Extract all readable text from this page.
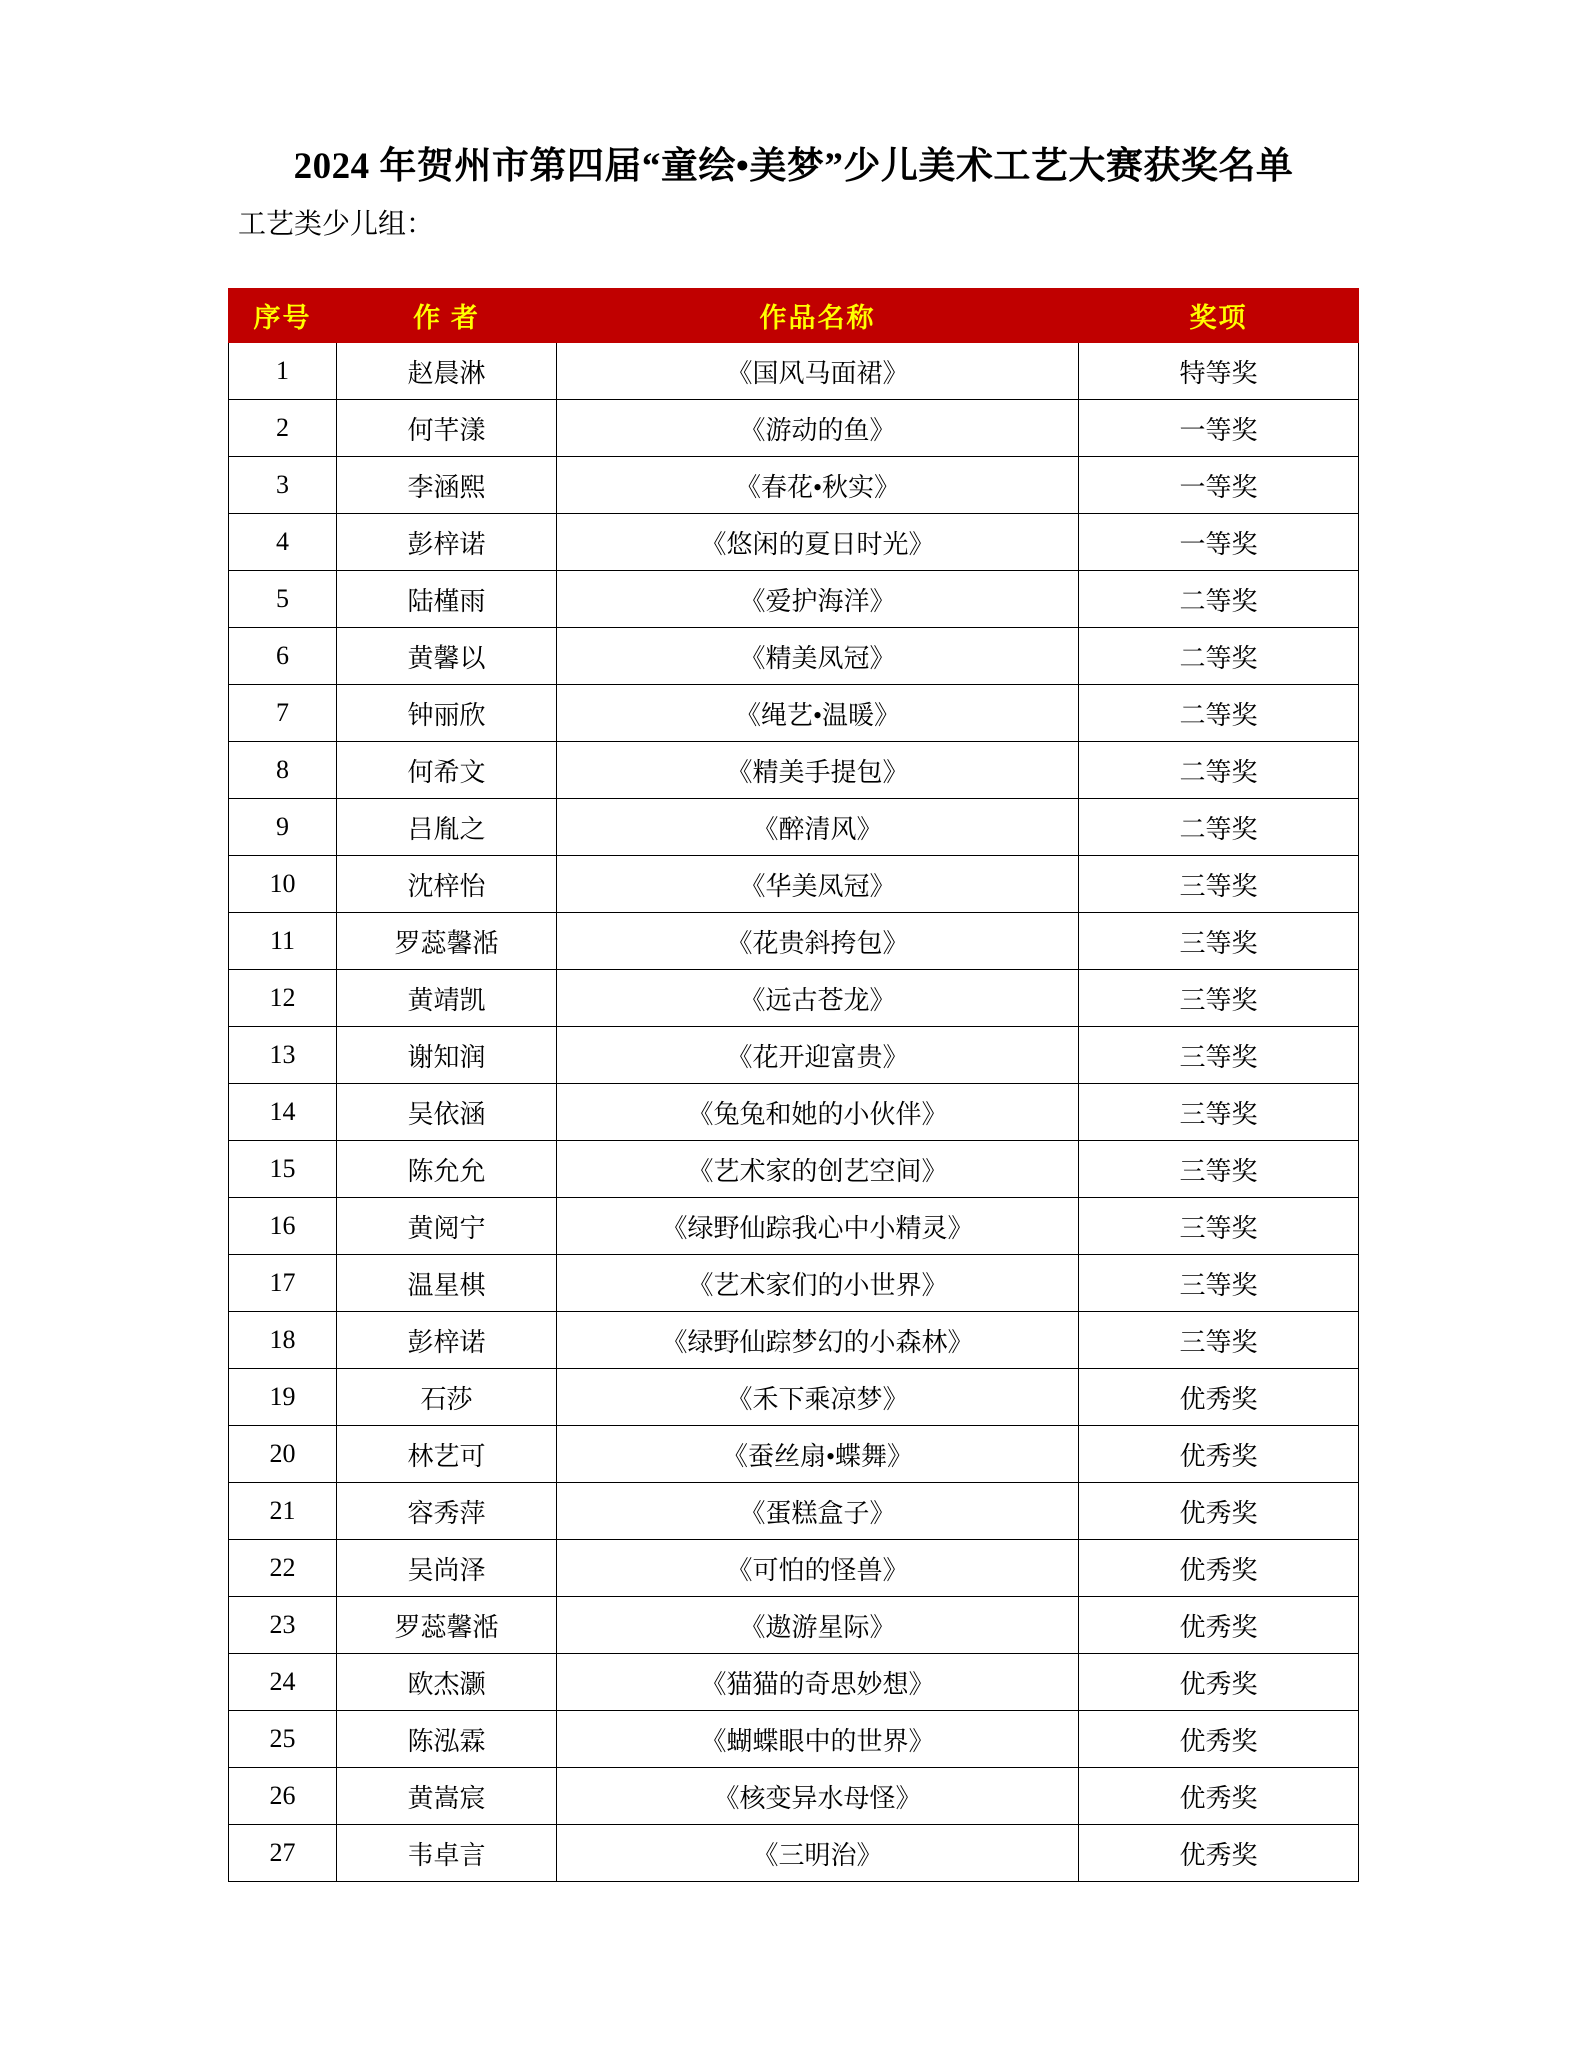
2024 年贺州市第四届“童绘•美梦”少儿美术工艺大赛获奖名单
工艺类少儿组：
序号	作 者	作品名称	奖项
1	赵晨淋	《国风马面裙》	特等奖
2	何芊漾	《游动的鱼》	一等奖
3	李涵熙	《春花•秋实》	一等奖
4	彭梓诺	《悠闲的夏日时光》	一等奖
5	陆槿雨	《爱护海洋》	二等奖
6	黄馨以	《精美凤冠》	二等奖
7	钟丽欣	《绳艺•温暖》	二等奖
8	何希文	《精美手提包》	二等奖
9	吕胤之	《醉清风》	二等奖
10	沈梓怡	《华美凤冠》	三等奖
11	罗蕊馨湉	《花贵斜挎包》	三等奖
12	黄靖凯	《远古苍龙》	三等奖
13	谢知润	《花开迎富贵》	三等奖
14	吴依涵	《兔兔和她的小伙伴》	三等奖
15	陈允允	《艺术家的创艺空间》	三等奖
16	黄阅宁	《绿野仙踪我心中小精灵》	三等奖
17	温星棋	《艺术家们的小世界》	三等奖
18	彭梓诺	《绿野仙踪梦幻的小森林》	三等奖
19	石莎	《禾下乘凉梦》	优秀奖
20	林艺可	《蚕丝扇•蝶舞》	优秀奖
21	容秀萍	《蛋糕盒子》	优秀奖
22	吴尚泽	《可怕的怪兽》	优秀奖
23	罗蕊馨湉	《遨游星际》	优秀奖
24	欧杰灏	《猫猫的奇思妙想》	优秀奖
25	陈泓霖	《蝴蝶眼中的世界》	优秀奖
26	黄嵩宸	《核变异水母怪》	优秀奖
27	韦卓言	《三明治》	优秀奖
